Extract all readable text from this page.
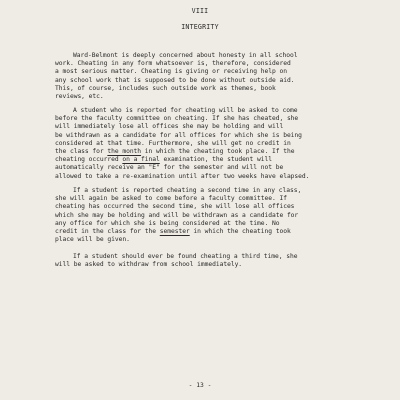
VIII
INTEGRITY
Ward-Belmont is deeply concerned about honesty in all school
work. Cheating in any form whatsoever is, therefore, considered
a most serious matter. Cheating is giving or receiving help on
any school work that is supposed to be done without outside aid.
This, of course, includes such outside work as themes, book
reviews, etc.
A student who is reported for cheating will be asked to come
before the faculty committee on cheating. If she has cheated, she
will immediately lose all offices she may be holding and will
be withdrawn as a candidate for all offices for which she is being
considered at that time. Furthermore, she will get no credit in
the class for the month in which the cheating took place. If the
cheating occurred on a final examination, the student will
automatically receive an "E" for the semester and will not be
allowed to take a re-examination until after two weeks have elapsed.
If a student is reported cheating a second time in any class,
she will again be asked to come before a faculty committee. If
cheating has occurred the second time, she will lose all offices
which she may be holding and will be withdrawn as a candidate for
any office for which she is being considered at the time. No
credit in the class for the semester in which the cheating took
place will be given.
If a student should ever be found cheating a third time, she
will be asked to withdraw from school immediately.
- 13 -
